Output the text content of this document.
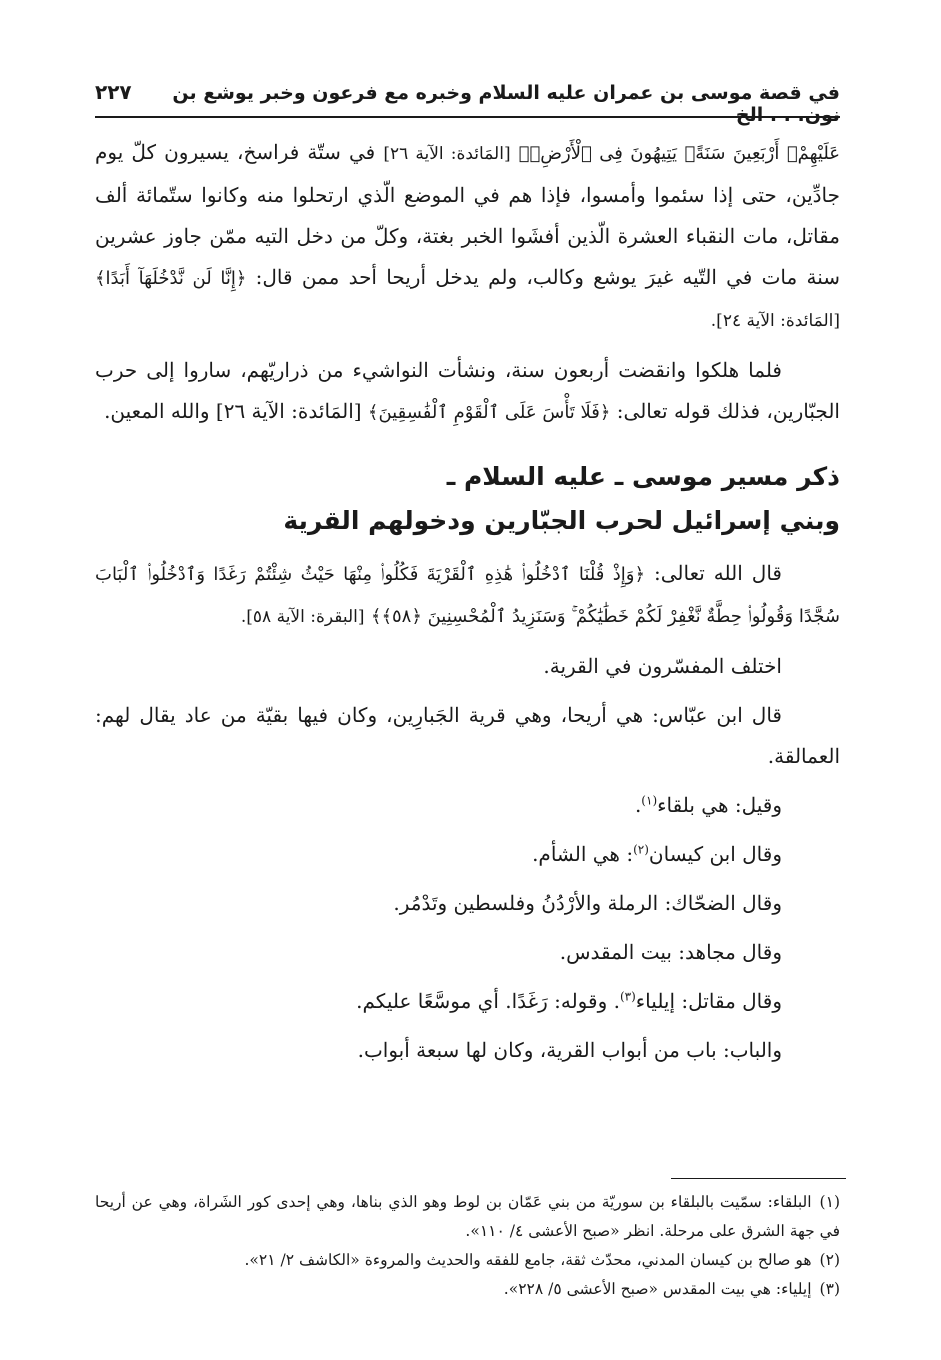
في قصة موسى بن عمران عليه السلام وخبره مع فرعون وخبر يوشع بن نون. . . الخ
٢٢٧

عَلَيْهِمْۛ أَرْبَعِينَ سَنَةًۛ يَتِيهُونَ فِى ٱلْأَرْضِۚ﴾ [المَائدة: الآية ٢٦] في ستّة فراسخ، يسيرون كلّ يوم جادِّين، حتى إذا سئموا وأمسوا، فإذا هم في الموضع الّذي ارتحلوا منه وكانوا ستّمائة ألف مقاتل، مات النقباء العشرة الّذين أفشَوا الخبر بغتة، وكلّ من دخل التيه ممّن جاوز عشرين سنة مات في التّيه غيرَ يوشع وكالب، ولم يدخل أريحا أحد ممن قال: ﴿إِنَّا لَن نَّدْخُلَهَآ أَبَدًا﴾ [المَائدة: الآية ٢٤].

فلما هلكوا وانقضت أربعون سنة، ونشأت النواشيء من ذراريّهم، ساروا إلى حرب الجبّارين، فذلك قوله تعالى: ﴿فَلَا تَأْسَ عَلَى ٱلْقَوْمِ ٱلْفَٰسِقِينَ﴾ [المَائدة: الآية ٢٦] والله المعين.

ذكر مسير موسى ـ عليه السلام ـ
وبني إسرائيل لحرب الجبّارين ودخولهم القرية

قال الله تعالى: ﴿وَإِذْ قُلْنَا ٱدْخُلُوا۟ هَٰذِهِ ٱلْقَرْيَةَ فَكُلُوا۟ مِنْهَا حَيْثُ شِئْتُمْ رَغَدًا وَٱدْخُلُوا۟ ٱلْبَابَ سُجَّدًا وَقُولُوا۟ حِطَّةٌ نَّغْفِرْ لَكُمْ خَطَٰيَٰكُمْ ۚ وَسَنَزِيدُ ٱلْمُحْسِنِينَ ﴿٥٨﴾﴾ [البقرة: الآية ٥٨].

اختلف المفسّرون في القرية.

قال ابن عبّاس: هي أريحا، وهي قرية الجَبارِين، وكان فيها بقيّة من عاد يقال لهم: العمالقة.

وقيل: هي بلقاء$^{(١)}$.

وقال ابن كيسان$^{(٢)}$: هي الشأم.

وقال الضحّاك: الرملة والأرْدُنُ وفلسطين وتَدْمُر.

وقال مجاهد: بيت المقدس.

وقال مقاتل: إيلياء$^{(٣)}$. وقوله: رَغَدًا. أي موسَّعًا عليكم.

والباب: باب من أبواب القرية، وكان لها سبعة أبواب.

(١)البلقاء: سمّيت بالبلقاء بن سوريّة من بني عَمّان بن لوط وهو الذي بناها، وهي إحدى كور الشَراة، وهي عن أريحا في جهة الشرق على مرحلة. انظر «صبح الأعشى ٤/ ١١٠».

(٢)هو صالح بن كيسان المدني، محدّث ثقة، جامع للفقه والحديث والمروءة «الكاشف ٢/ ٢١».

(٣)إيلياء: هي بيت المقدس «صبح الأعشى ٥/ ٢٢٨».
